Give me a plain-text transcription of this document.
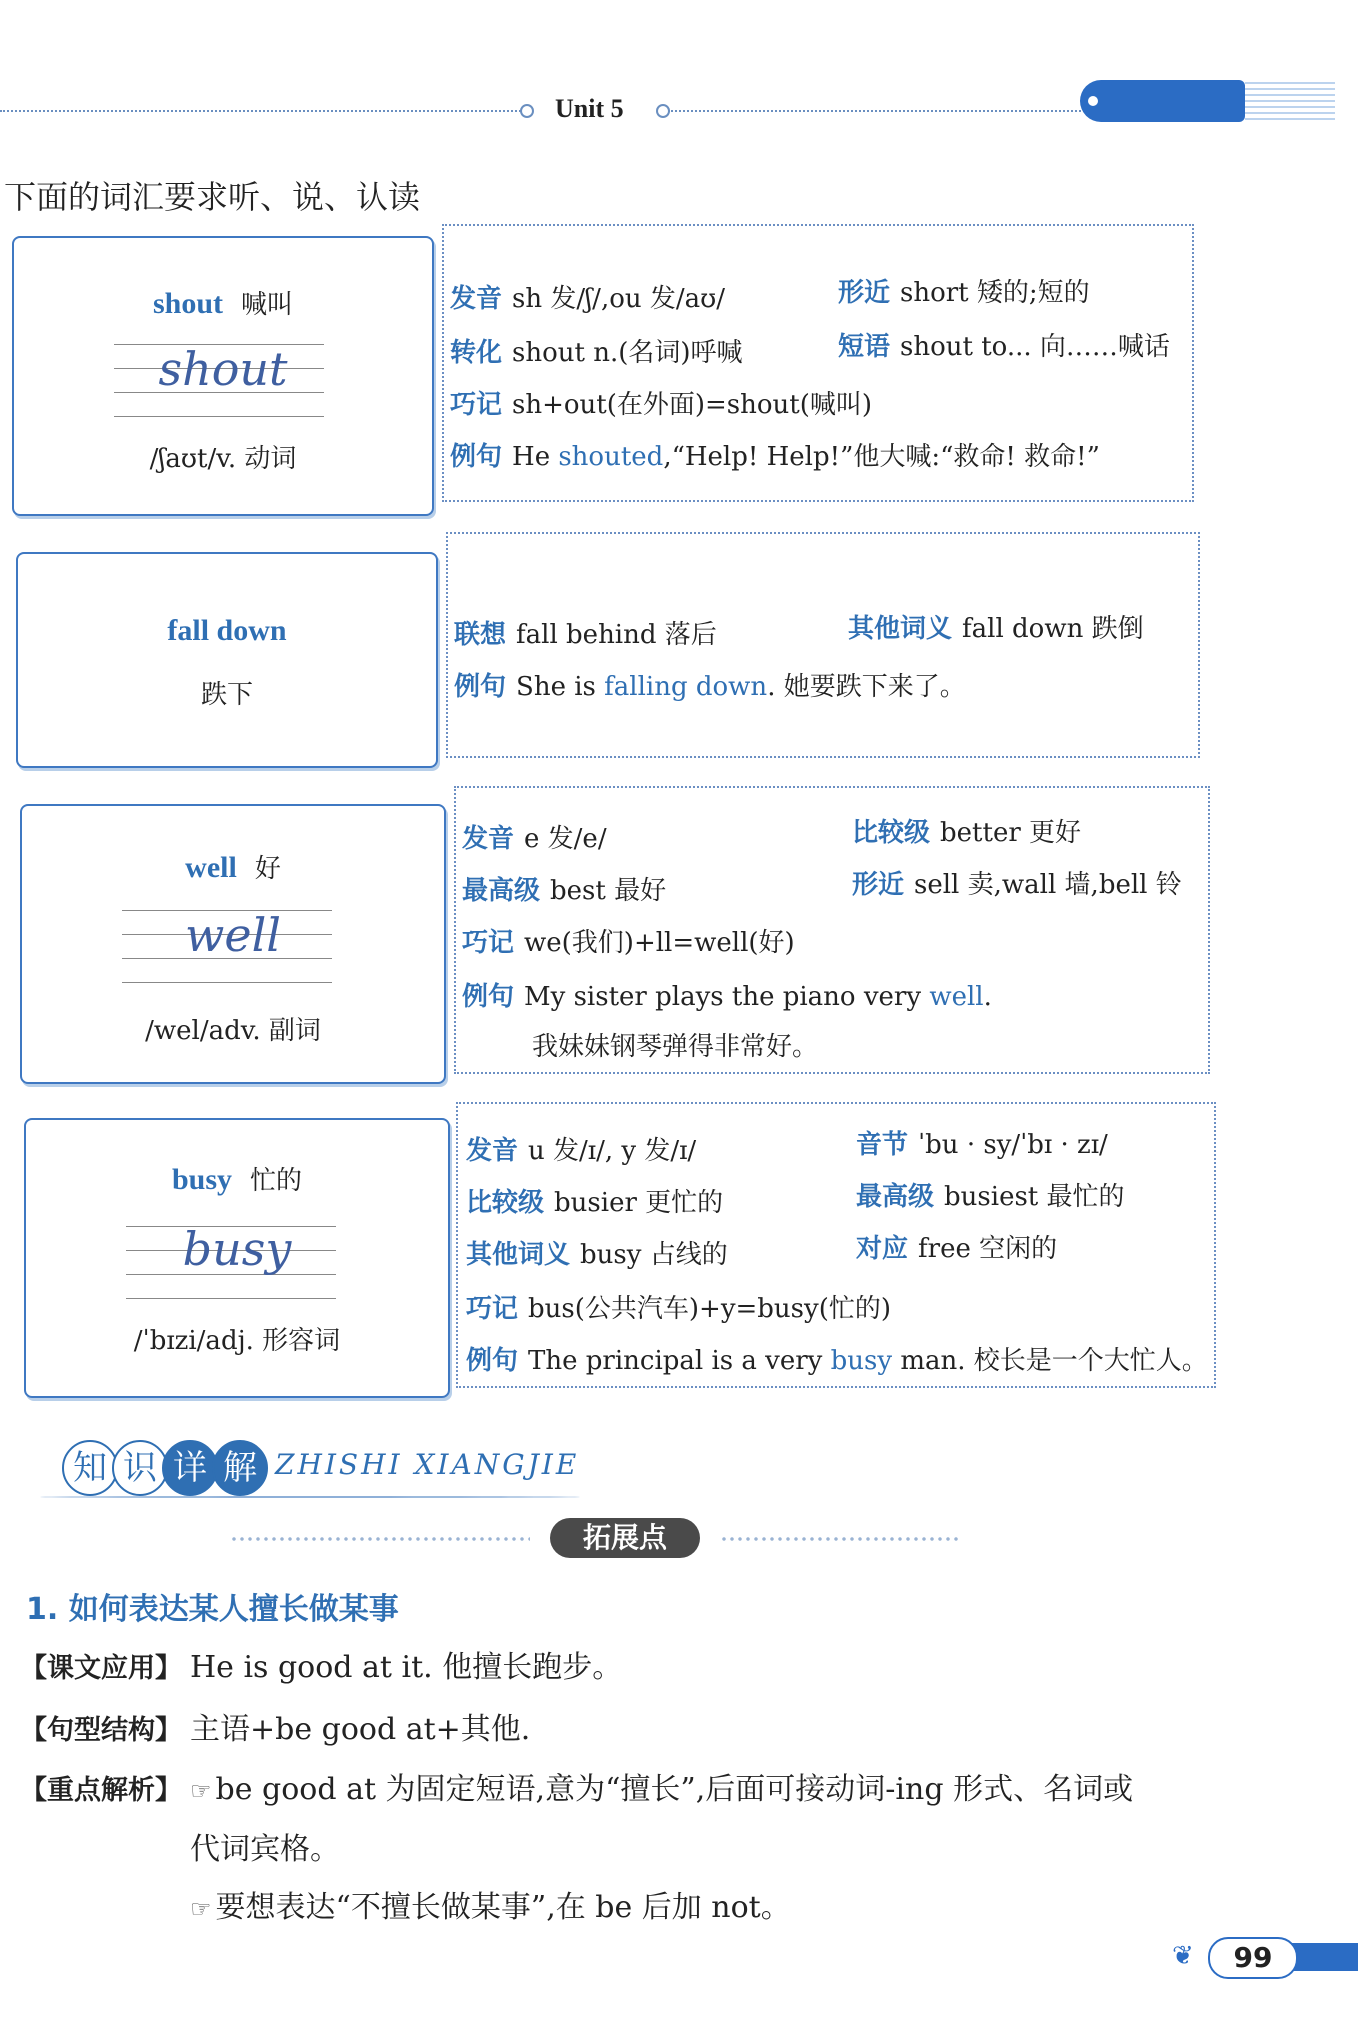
Unit 5
下面的词汇要求听、说、认读
shout 喊叫
shout
/ʃaʊt/v. 动词
发音 sh 发/ʃ/,ou 发/aʊ/	形近 short 矮的;短的
转化 shout n.(名词)呼喊	短语 shout to... 向……喊话
巧记 sh+out(在外面)=shout(喊叫)
例句 He shouted,“Help! Help!”他大喊:“救命! 救命!”
fall down
跌下
联想 fall behind 落后	其他词义 fall down 跌倒
例句 She is falling down. 她要跌下来了。
well 好
well
/wel/adv. 副词
发音 e 发/e/	比较级 better 更好
最高级 best 最好	形近 sell 卖,wall 墙,bell 铃
巧记 we(我们)+ll=well(好)
例句 My sister plays the piano very well.
我妹妹钢琴弹得非常好。
busy 忙的
busy
/ˈbɪzi/adj. 形容词
发音 u 发/ɪ/, y 发/ɪ/	音节 ˈbu · sy/ˈbɪ · zɪ/
比较级 busier 更忙的	最高级 busiest 最忙的
其他词义 busy 占线的	对应 free 空闲的
巧记 bus(公共汽车)+y=busy(忙的)
例句 The principal is a very busy man. 校长是一个大忙人。
知 识 详 解 ZHISHI XIANGJIE
拓展点
1. 如何表达某人擅长做某事
【课文应用】 He is good at it. 他擅长跑步。
【句型结构】 主语+be good at+其他.
【重点解析】 ☞ be good at 为固定短语,意为“擅长”,后面可接动词-ing 形式、名词或
代词宾格。
☞ 要想表达“不擅长做某事”,在 be 后加 not。
❦	99
